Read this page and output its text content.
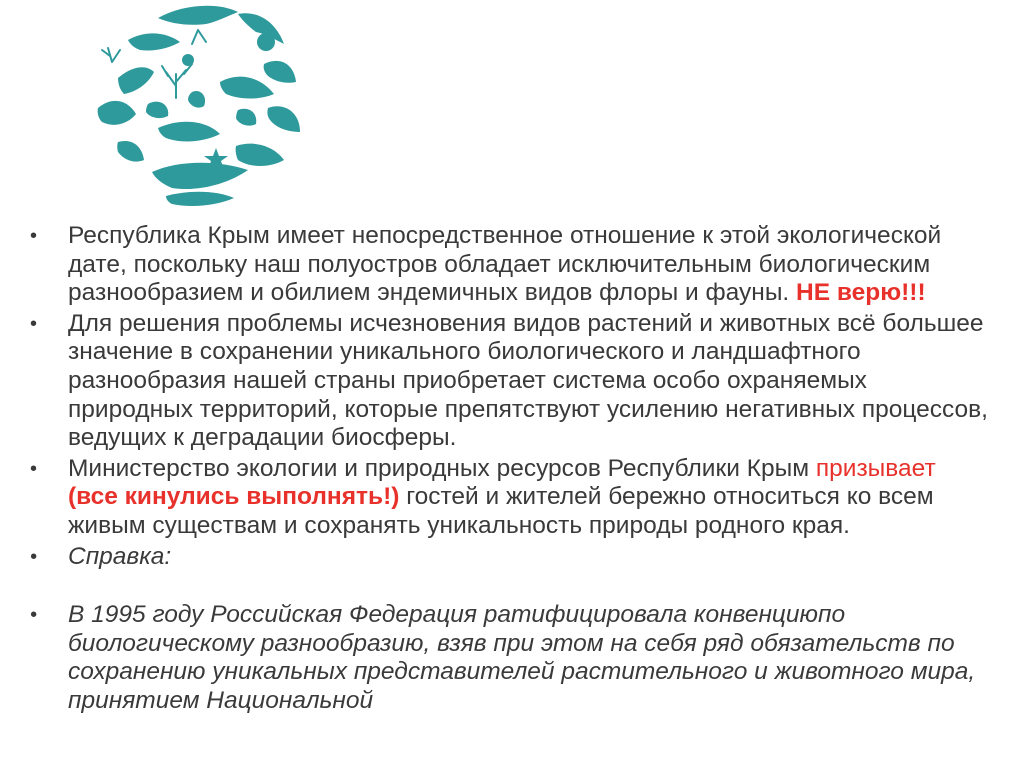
• Республика Крым имеет непосредственное отношение к этой экологической дате, поскольку наш полуостров обладает исключительным биологическим разнообразием и обилием эндемичных видов флоры и фауны. НЕ верю!!!
• Для решения проблемы исчезновения видов растений и животных всё большее значение в сохранении уникального биологического и ландшафтного разнообразия нашей страны приобретает система особо охраняемых природных территорий, которые препятствуют усилению негативных процессов, ведущих к деградации биосферы.
• Министерство экологии и природных ресурсов Республики Крым призывает (все кинулись выполнять!) гостей и жителей бережно относиться ко всем живым существам и сохранять уникальность природы родного края.
• Справка:
• В 1995 году Российская Федерация ратифицировала конвенциюпо биологическому разнообразию, взяв при этом на себя ряд обязательств по сохранению уникальных представителей растительного и животного мира, принятием Национальной
